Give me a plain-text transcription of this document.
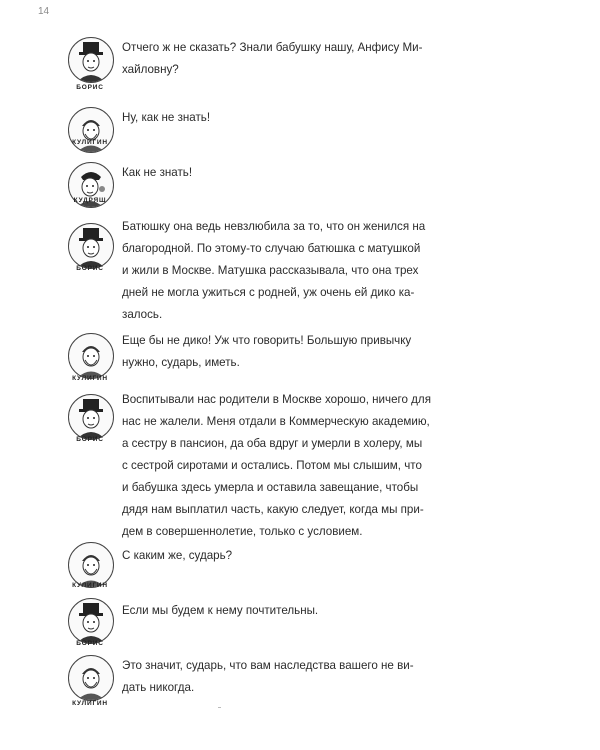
14
БОРИС
Отчего ж не сказать? Знали бабушку нашу, Анфису Ми-
хайловну?
КУЛИГИН
Ну, как не знать!
КУДРЯШ
Как не знать!
БОРИС
Батюшку она ведь невзлюбила за то, что он женился на
благородной. По этому-то случаю батюшка с матушкой
и жили в Москве. Матушка рассказывала, что она трех
дней не могла ужиться с родней, уж очень ей дико ка-
залось.
КУЛИГИН
Еще бы не дико! Уж что говорить! Большую привычку
нужно, сударь, иметь.
БОРИС
Воспитывали нас родители в Москве хорошо, ничего для
нас не жалели. Меня отдали в Коммерческую академию,
а сестру в пансион, да оба вдруг и умерли в холеру, мы
с сестрой сиротами и остались. Потом мы слышим, что
и бабушка здесь умерла и оставила завещание, чтобы
дядя нам выплатил часть, какую следует, когда мы при-
дем в совершеннолетие, только с условием.
КУЛИГИН
С каким же, сударь?
БОРИС
Если мы будем к нему почтительны.
КУЛИГИН
Это значит, сударь, что вам наследства вашего не ви-
дать никогда.
